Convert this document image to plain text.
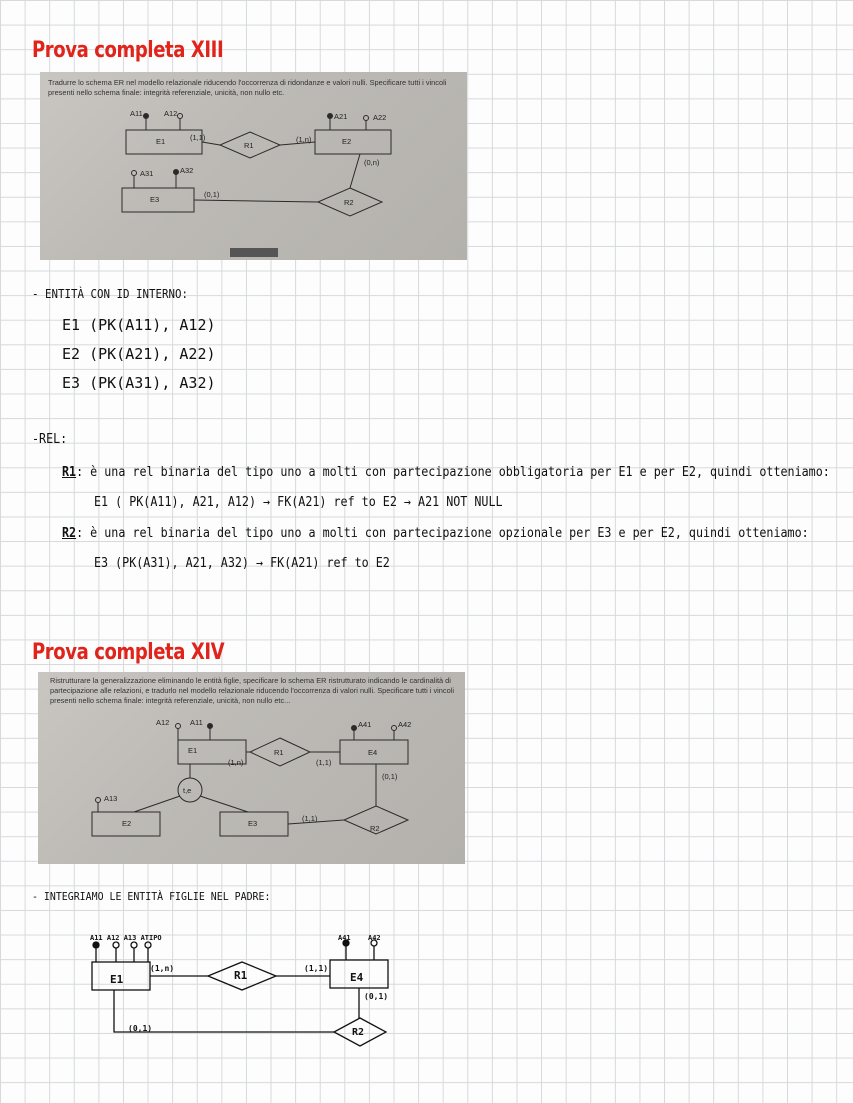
Prova completa XIII
Tradurre lo schema ER nel modello relazionale riducendo l'occorrenza di ridondanze e valori nulli. Specificare tutti i vincoli presenti nello schema finale: integrità referenziale, unicità, non nullo etc.
E1	E2
E3
R1
R2
A11	A12	A21	A22
A31	A32
(1,1)	(1,n)
(0,n)
(0,1)
- ENTITÀ CON ID INTERNO:
E1 (PK(A11), A12)
E2 (PK(A21), A22)
E3 (PK(A31), A32)
-REL:
R1: è una rel binaria del tipo uno a molti con partecipazione obbligatoria per E1 e per E2, quindi otteniamo:
E1 ( PK(A11), A21, A12) → FK(A21) ref to E2 → A21 NOT NULL
R2: è una rel binaria del tipo uno a molti con partecipazione opzionale per E3 e per E2, quindi otteniamo:
E3 (PK(A31), A21, A32) → FK(A21) ref to E2
Prova completa XIV
Ristrutturare la generalizzazione eliminando le entità figlie, specificare lo schema ER ristrutturato indicando le cardinalità di partecipazione alle relazioni, e tradurlo nel modello relazionale riducendo l'occorrenza di valori nulli. Specificare tutti i vincoli presenti nello schema finale: integrità referenziale, unicità, non nullo etc...
E1	E4
E2	E3
R1
R2
t,e
A12	A11	A41	A42
A13
(1,n)	(1,1)
(0,1)
(1,1)
- INTEGRIAMO LE ENTITÀ FIGLIE NEL PADRE:
A11 A12 A13 ATIPO
E1	R1	E4
R2
A41 A42
(1,n)	(1,1)
(0,1)
(0,1)
